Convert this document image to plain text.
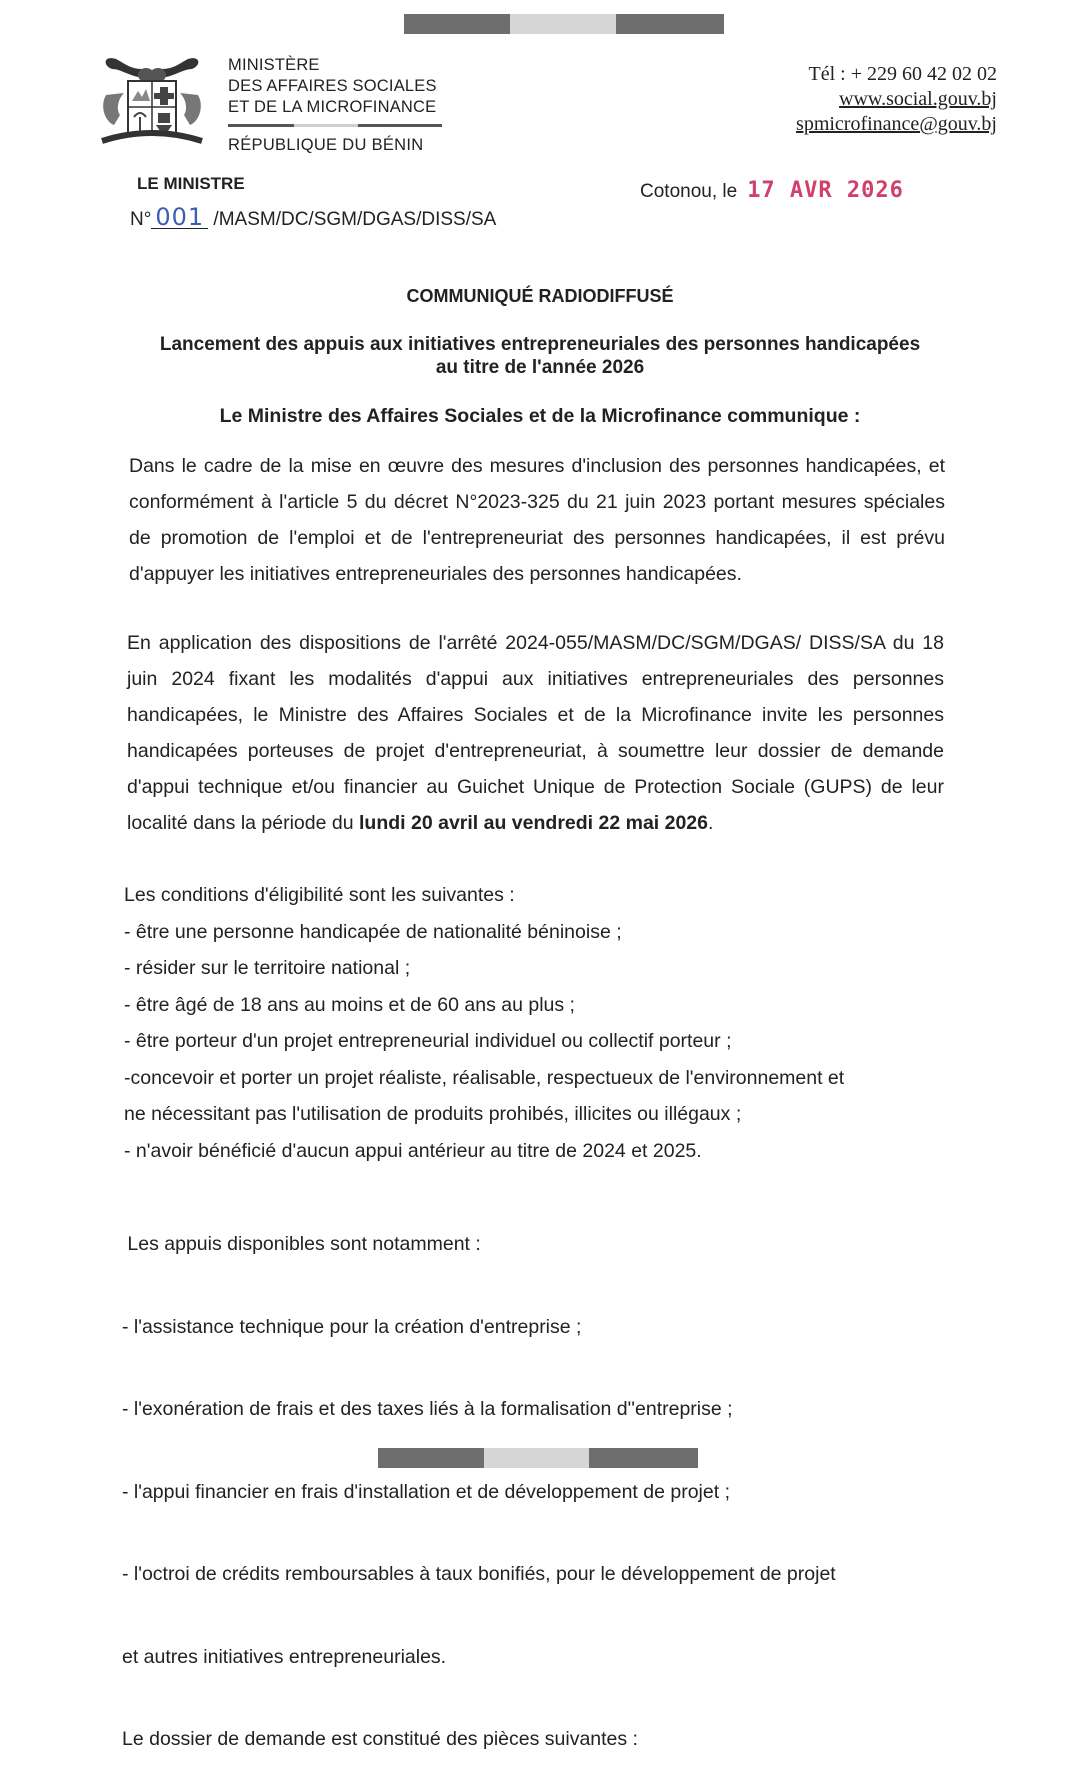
MINISTÈRE
DES AFFAIRES SOCIALES
ET DE LA MICROFINANCE
RÉPUBLIQUE DU BÉNIN
Tél : + 229 60 42 02 02
www.social.gouv.bj
spmicrofinance@gouv.bj
LE MINISTRE
N° 001 /MASM/DC/SGM/DGAS/DISS/SA
Cotonou, le 17 AVR 2026
COMMUNIQUÉ RADIODIFFUSÉ
Lancement des appuis aux initiatives entrepreneuriales des personnes handicapées
au titre de l'année 2026
Le Ministre des Affaires Sociales et de la Microfinance communique :

Dans le cadre de la mise en œuvre des mesures d'inclusion des personnes handicapées, et conformément à l'article 5 du décret N°2023-325 du 21 juin 2023 portant mesures spéciales de promotion de l'emploi et de l'entrepreneuriat des personnes handicapées, il est prévu d'appuyer les initiatives entrepreneuriales des personnes handicapées.

En application des dispositions de l'arrêté 2024-055/MASM/DC/SGM/DGAS/ DISS/SA du 18 juin 2024 fixant les modalités d'appui aux initiatives entrepreneuriales des personnes handicapées, le Ministre des Affaires Sociales et de la Microfinance invite les personnes handicapées porteuses de projet d'entrepreneuriat, à soumettre leur dossier de demande d'appui technique et/ou financier au Guichet Unique de Protection Sociale (GUPS) de leur localité dans la période du lundi 20 avril au vendredi 22 mai 2026.

Les conditions d'éligibilité sont les suivantes :

- être une personne handicapée de nationalité béninoise ;

- résider sur le territoire national ;

- être âgé de 18 ans au moins et de 60 ans au plus ;

- être porteur d'un projet entrepreneurial individuel ou collectif porteur ;

-concevoir et porter un projet réaliste, réalisable, respectueux de l'environnement et

ne nécessitant pas l'utilisation de produits prohibés, illicites ou illégaux ;

- n'avoir bénéficié d'aucun appui antérieur au titre de 2024 et 2025.

Les appuis disponibles sont notamment :

- l'assistance technique pour la création d'entreprise ;

- l'exonération de frais et des taxes liés à la formalisation d''entreprise ;

- l'appui financier en frais d'installation et de développement de projet ;

- l'octroi de crédits remboursables à taux bonifiés, pour le développement de projet

et autres initiatives entrepreneuriales.

Le dossier de demande est constitué des pièces suivantes :
